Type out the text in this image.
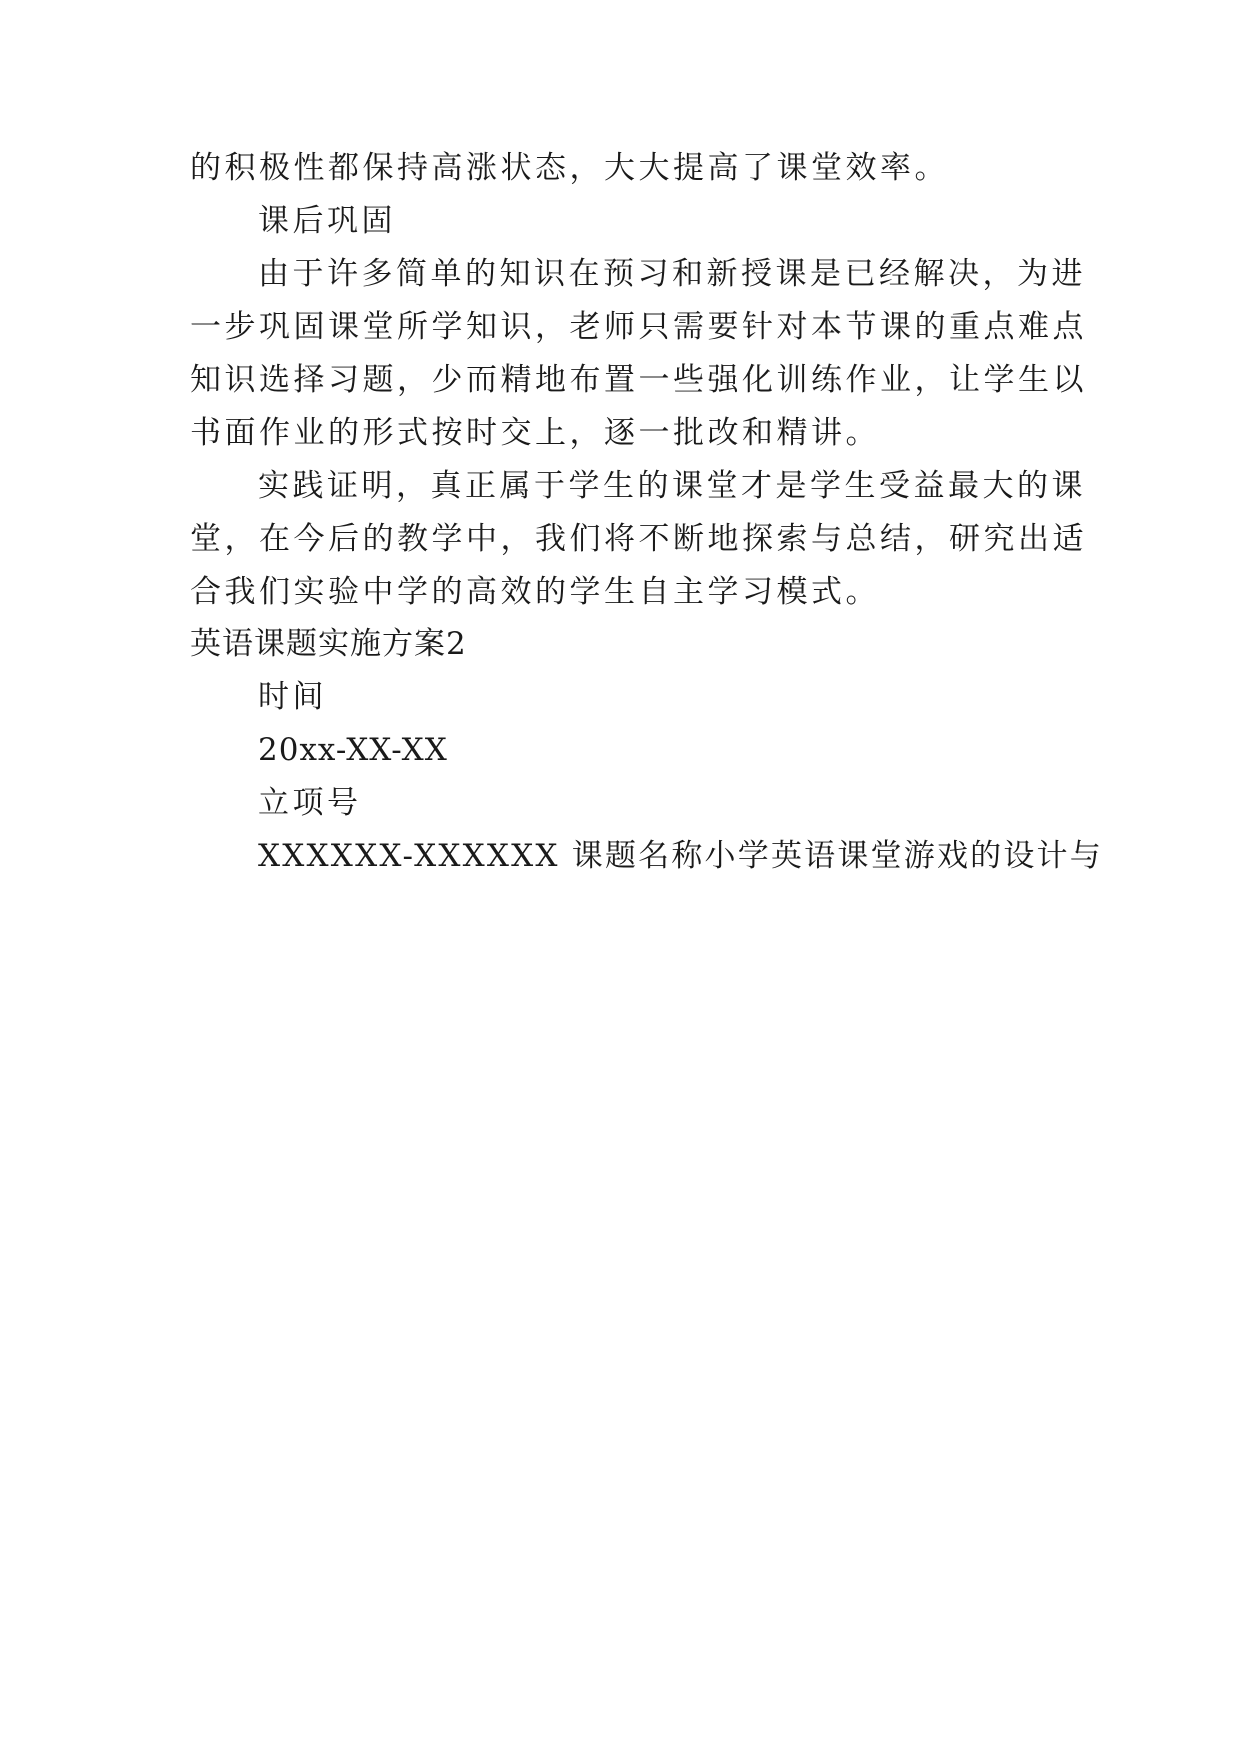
的积极性都保持高涨状态，大大提高了课堂效率。
课后巩固
由于许多简单的知识在预习和新授课是已经解决，为进
一步巩固课堂所学知识，老师只需要针对本节课的重点难点
知识选择习题，少而精地布置一些强化训练作业，让学生以
书面作业的形式按时交上，逐一批改和精讲。
实践证明，真正属于学生的课堂才是学生受益最大的课
堂，在今后的教学中，我们将不断地探索与总结，研究出适
合我们实验中学的高效的学生自主学习模式。
英语课题实施方案2
时间
20xx-XX-XX
立项号
XXXXXX-XXXXXX 课题名称小学英语课堂游戏的设计与
